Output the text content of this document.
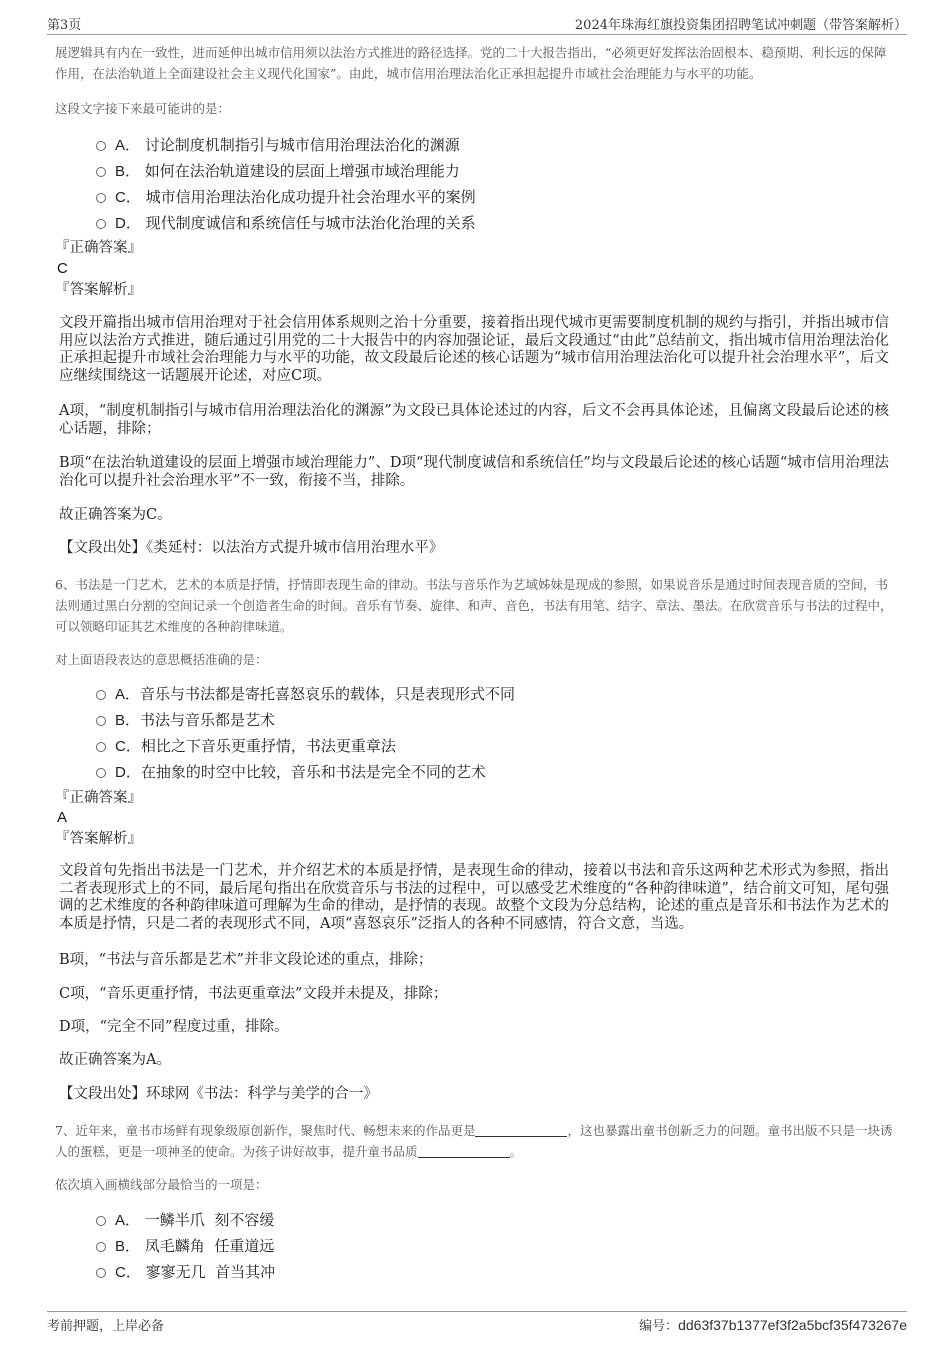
第3页	2024年珠海红旗投资集团招聘笔试冲刺题（带答案解析）
展逻辑具有内在一致性，进而延伸出城市信用须以法治方式推进的路径选择。党的二十大报告指出，“必须更好发挥法治固根本、稳预期、利长远的保障作用，在法治轨道上全面建设社会主义现代化国家”。由此，城市信用治理法治化正承担起提升市域社会治理能力与水平的功能。
这段文字接下来最可能讲的是：
A． 讨论制度机制指引与城市信用治理法治化的渊源
B． 如何在法治轨道建设的层面上增强市域治理能力
C． 城市信用治理法治化成功提升社会治理水平的案例
D． 现代制度诚信和系统信任与城市法治化治理的关系
『正确答案』
C
『答案解析』
文段开篇指出城市信用治理对于社会信用体系规则之治十分重要，接着指出现代城市更需要制度机制的规约与指引，并指出城市信用应以法治方式推进，随后通过引用党的二十大报告中的内容加强论证，最后文段通过“由此”总结前文，指出城市信用治理法治化正承担起提升市域社会治理能力与水平的功能，故文段最后论述的核心话题为“城市信用治理法治化可以提升社会治理水平”，后文应继续围绕这一话题展开论述，对应C项。
A项，“制度机制指引与城市信用治理法治化的渊源”为文段已具体论述过的内容，后文不会再具体论述，且偏离文段最后论述的核心话题，排除；
B项“在法治轨道建设的层面上增强市域治理能力”、D项“现代制度诚信和系统信任”均与文段最后论述的核心话题“城市信用治理法治化可以提升社会治理水平”不一致，衔接不当，排除。
故正确答案为C。
【文段出处】《类延村：以法治方式提升城市信用治理水平》
6、书法是一门艺术，艺术的本质是抒情，抒情即表现生命的律动。书法与音乐作为艺域姊妹是现成的参照，如果说音乐是通过时间表现音质的空间，书法则通过黑白分割的空间记录一个创造者生命的时间。音乐有节奏、旋律、和声、音色，书法有用笔、结字、章法、墨法。在欣赏音乐与书法的过程中，可以领略印证其艺术维度的各种韵律味道。
对上面语段表达的意思概括准确的是：
A．音乐与书法都是寄托喜怒哀乐的载体，只是表现形式不同
B．书法与音乐都是艺术
C．相比之下音乐更重抒情，书法更重章法
D．在抽象的时空中比较，音乐和书法是完全不同的艺术
『正确答案』
A
『答案解析』
文段首句先指出书法是一门艺术，并介绍艺术的本质是抒情，是表现生命的律动，接着以书法和音乐这两种艺术形式为参照，指出二者表现形式上的不同，最后尾句指出在欣赏音乐与书法的过程中，可以感受艺术维度的“各种韵律味道”，结合前文可知，尾句强调的艺术维度的各种韵律味道可理解为生命的律动，是抒情的表现。故整个文段为分总结构，论述的重点是音乐和书法作为艺术的本质是抒情，只是二者的表现形式不同，A项“喜怒哀乐”泛指人的各种不同感情，符合文意，当选。
B项，“书法与音乐都是艺术”并非文段论述的重点，排除；
C项，“音乐更重抒情，书法更重章法”文段并未提及，排除；
D项，“完全不同”程度过重，排除。
故正确答案为A。
【文段出处】环球网《书法：科学与美学的合一》
7、近年来，童书市场鲜有现象级原创新作，聚焦时代、畅想未来的作品更是	，这也暴露出童书创新乏力的问题。童书出版不只是一块诱人的蛋糕，更是一项神圣的使命。为孩子讲好故事，提升童书品质	。
依次填入画横线部分最恰当的一项是：
A． 一鳞半爪  刻不容缓
B． 凤毛麟角  任重道远
C． 寥寥无几  首当其冲
考前押题，上岸必备	编号：dd63f37b1377ef3f2a5bcf35f473267e
